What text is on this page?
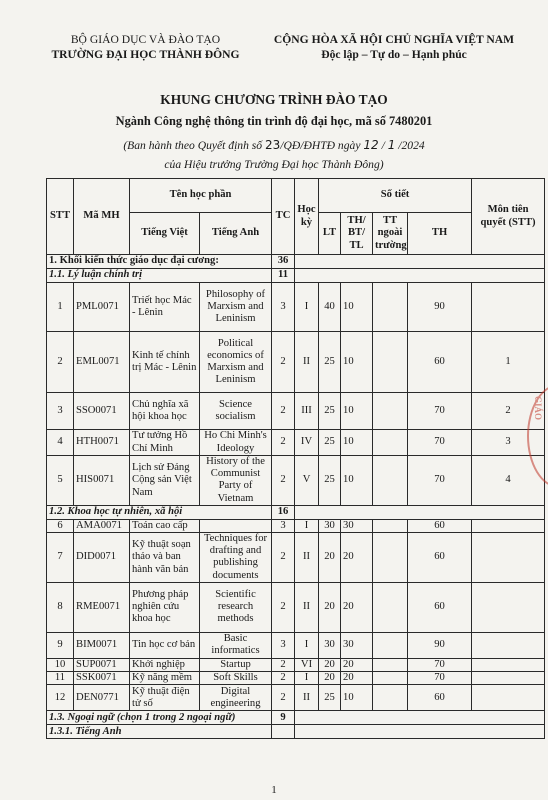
BỘ GIÁO DỤC VÀ ĐÀO TẠO
TRƯỜNG ĐẠI HỌC THÀNH ĐÔNG
CỘNG HÒA XÃ HỘI CHỦ NGHĨA VIỆT NAM
Độc lập – Tự do – Hạnh phúc
KHUNG CHƯƠNG TRÌNH ĐÀO TẠO
Ngành Công nghệ thông tin trình độ đại học, mã số 7480201
(Ban hành theo Quyết định số 23/QĐ/ĐHTĐ ngày 12 / 1 /2024
của Hiệu trưởng Trường Đại học Thành Đông)
STT	Mã MH	Tên học phần		TC	Học kỳ	Số tiết				Môn tiên quyết (STT)
		Tiếng Việt	Tiếng Anh			LT	TH/ BT/ TL	TT ngoài trường	TH	
1. Khối kiến thức giáo dục đại cương:				36						
1.1. Lý luận chính trị				11						
1	PML0071	Triết học Mác - Lênin	Philosophy of Marxism and Leninism	3	I	40	10		90	
2	EML0071	Kinh tế chính trị Mác - Lênin	Political economics of Marxism and Leninism	2	II	25	10		60	1
3	SSO0071	Chủ nghĩa xã hội khoa học	Science socialism	2	III	25	10		70	2
4	HTH0071	Tư tưởng Hồ Chí Minh	Ho Chi Minh's Ideology	2	IV	25	10		70	3
5	HIS0071	Lịch sử Đảng Cộng sản Việt Nam	History of the Communist Party of Vietnam	2	V	25	10		70	4
1.2. Khoa học tự nhiên, xã hội				16						
6	AMA0071	Toán cao cấp		3	I	30	30		60	
7	DID0071	Kỹ thuật soạn thảo và ban hành văn bản	Techniques for drafting and publishing documents	2	II	20	20		60	
8	RME0071	Phương pháp nghiên cứu khoa học	Scientific research methods	2	II	20	20		60	
9	BIM0071	Tin học cơ bản	Basic informatics	3	I	30	30		90	
10	SUP0071	Khởi nghiệp	Startup	2	VI	20	20		70	
11	SSK0071	Kỹ năng mềm	Soft Skills	2	I	20	20		70	
12	DEN0771	Kỹ thuật điện tử số	Digital engineering	2	II	25	10		60	
1.3. Ngoại ngữ (chọn 1 trong 2 ngoại ngữ)				9						
1.3.1. Tiếng Anh										
GIÁO
1
